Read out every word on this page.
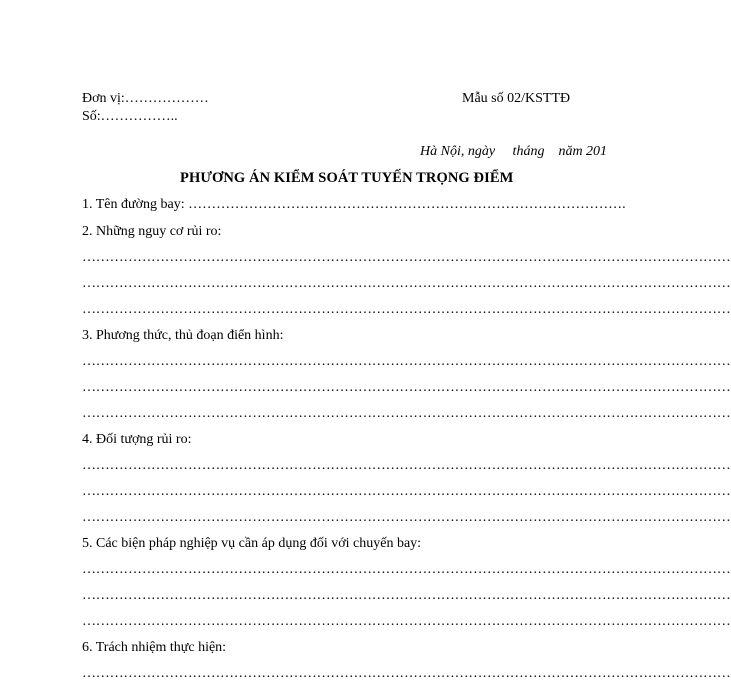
Đơn vị:………………
Số:……………..
Mẫu số 02/KSTTĐ
Hà Nội, ngày     tháng    năm 201
PHƯƠNG ÁN KIỂM SOÁT TUYẾN TRỌNG ĐIỂM
1. Tên đường bay: ………………………………………………………………………………….
2. Những nguy cơ rủi ro:
……………………………………………………………………………………………………………………………
……………………………………………………………………………………………………………………………
……………………………………………………………………………………………………………………………
3. Phương thức, thủ đoạn điển hình:
……………………………………………………………………………………………………………………………
……………………………………………………………………………………………………………………………
……………………………………………………………………………………………………………………………
4. Đối tượng rủi ro:
……………………………………………………………………………………………………………………………
……………………………………………………………………………………………………………………………
……………………………………………………………………………………………………………………………
5. Các biện pháp nghiệp vụ cần áp dụng đối với chuyến bay:
……………………………………………………………………………………………………………………………
……………………………………………………………………………………………………………………………
……………………………………………………………………………………………………………………………
6. Trách nhiệm thực hiện:
……………………………………………………………………………………………………………………………
